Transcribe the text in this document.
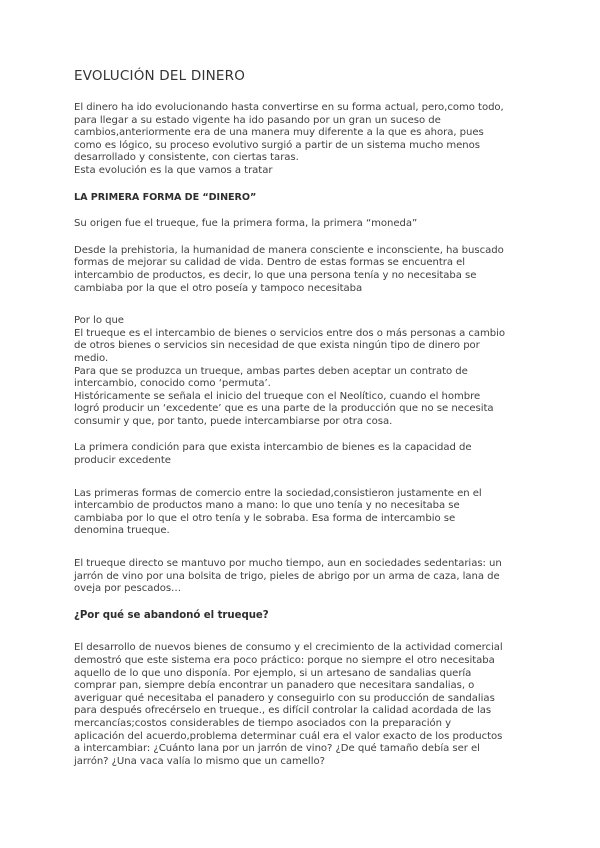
EVOLUCIÓN DEL DINERO

El dinero ha ido evolucionando hasta convertirse en su forma actual, pero,como todo,

para llegar a su estado vigente ha ido pasando por un gran un suceso de

cambios,anteriormente era de una manera muy diferente a la que es ahora, pues

como es lógico, su proceso evolutivo surgió a partir de un sistema mucho menos

desarrollado y consistente, con ciertas taras.

Esta evolución es la que vamos a tratar

LA PRIMERA FORMA DE “DINERO”

Su origen fue el trueque, fue la primera forma, la primera “moneda”

Desde la prehistoria, la humanidad de manera consciente e inconsciente, ha buscado

formas de mejorar su calidad de vida. Dentro de estas formas se encuentra el

intercambio de productos, es decir, lo que una persona tenía y no necesitaba se

cambiaba por la que el otro poseía y tampoco necesitaba

Por lo que

El trueque es el intercambio de bienes o servicios entre dos o más personas a cambio

de otros bienes o servicios sin necesidad de que exista ningún tipo de dinero por

medio.

Para que se produzca un trueque, ambas partes deben aceptar un contrato de

intercambio, conocido como ‘permuta’.

Históricamente se señala el inicio del trueque con el Neolítico, cuando el hombre

logró producir un ‘excedente’ que es una parte de la producción que no se necesita

consumir y que, por tanto, puede intercambiarse por otra cosa.

La primera condición para que exista intercambio de bienes es la capacidad de

producir excedente

Las primeras formas de comercio entre la sociedad,consistieron justamente en el

intercambio de productos mano a mano: lo que uno tenía y no necesitaba se

cambiaba por lo que el otro tenía y le sobraba. Esa forma de intercambio se

denomina trueque.

El trueque directo se mantuvo por mucho tiempo, aun en sociedades sedentarias: un

jarrón de vino por una bolsita de trigo, pieles de abrigo por un arma de caza, lana de

oveja por pescados…

¿Por qué se abandonó el trueque?

El desarrollo de nuevos bienes de consumo y el crecimiento de la actividad comercial

demostró que este sistema era poco práctico: porque no siempre el otro necesitaba

aquello de lo que uno disponía. Por ejemplo, si un artesano de sandalias quería

comprar pan, siempre debía encontrar un panadero que necesitara sandalias, o

averiguar qué necesitaba el panadero y conseguirlo con su producción de sandalias

para después ofrecérselo en trueque., es difícil controlar la calidad acordada de las

mercancías;costos considerables de tiempo asociados con la preparación y

aplicación del acuerdo,problema determinar cuál era el valor exacto de los productos

a intercambiar: ¿Cuánto lana por un jarrón de vino? ¿De qué tamaño debía ser el

jarrón? ¿Una vaca valía lo mismo que un camello?
